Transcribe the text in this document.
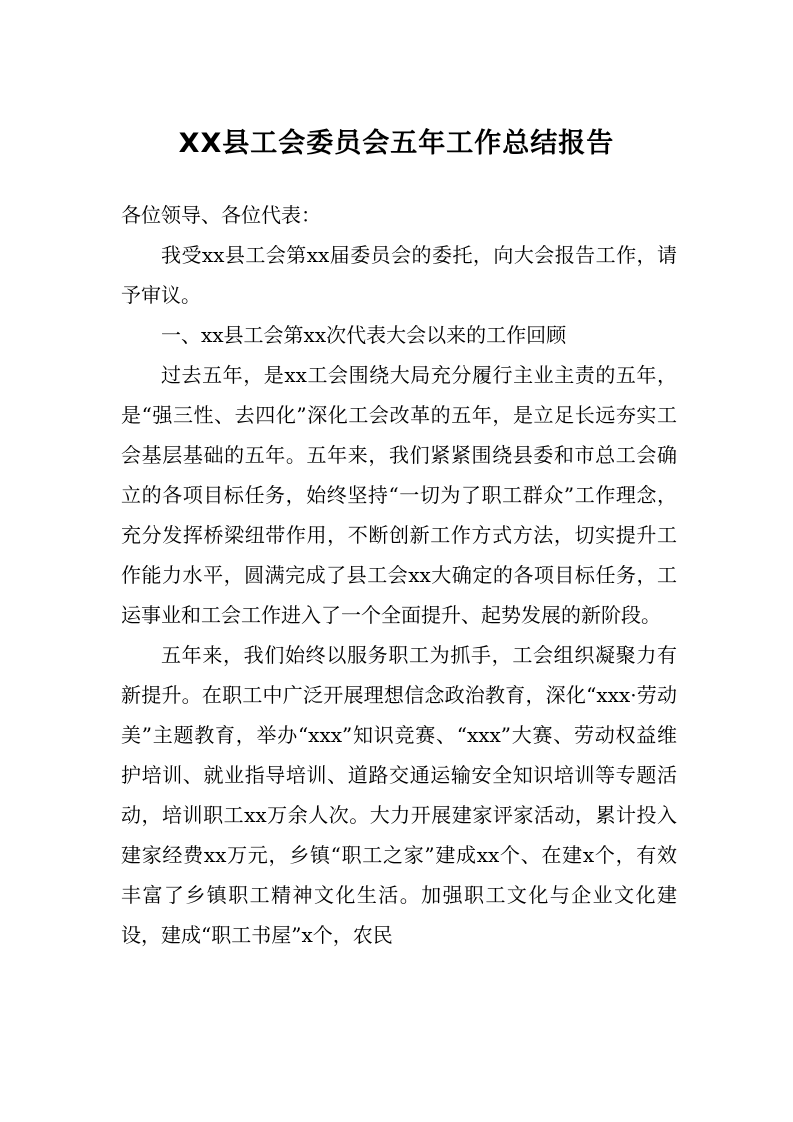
XX县工会委员会五年工作总结报告

各位领导、各位代表：

我受xx县工会第xx届委员会的委托，向大会报告工作，请予审议。

一、xx县工会第xx次代表大会以来的工作回顾

过去五年，是xx工会围绕大局充分履行主业主责的五年，是“强三性、去四化”深化工会改革的五年，是立足长远夯实工会基层基础的五年。五年来，我们紧紧围绕县委和市总工会确立的各项目标任务，始终坚持“一切为了职工群众”工作理念，充分发挥桥梁纽带作用，不断创新工作方式方法，切实提升工作能力水平，圆满完成了县工会xx大确定的各项目标任务，工运事业和工会工作进入了一个全面提升、起势发展的新阶段。

五年来，我们始终以服务职工为抓手，工会组织凝聚力有新提升。在职工中广泛开展理想信念政治教育，深化“xxx·劳动美”主题教育，举办“xxx”知识竞赛、“xxx”大赛、劳动权益维护培训、就业指导培训、道路交通运输安全知识培训等专题活动，培训职工xx万余人次。大力开展建家评家活动，累计投入建家经费xx万元，乡镇“职工之家”建成xx个、在建x个，有效丰富了乡镇职工精神文化生活。加强职工文化与企业文化建设，建成“职工书屋”x个，农民
